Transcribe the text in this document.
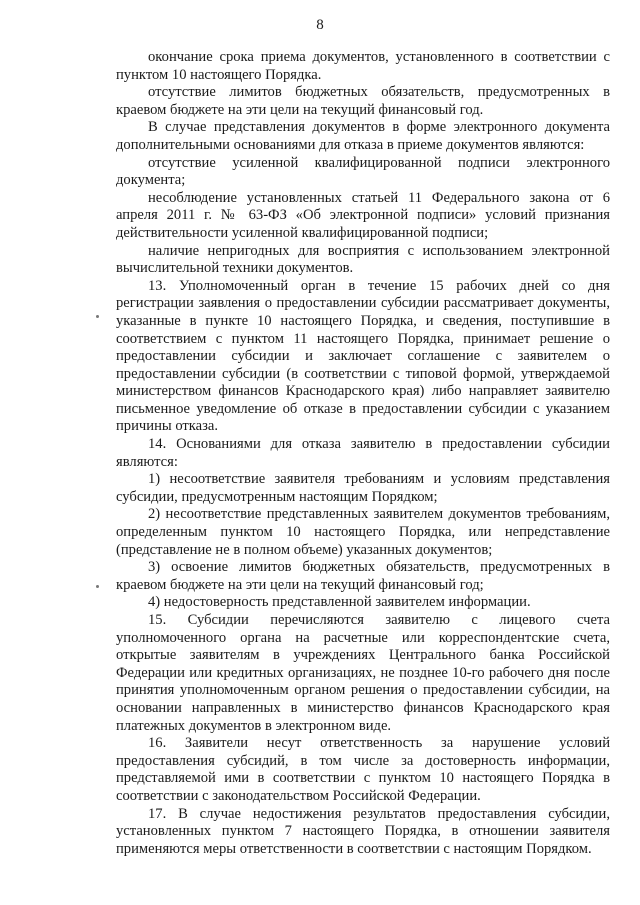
8

окончание срока приема документов, установленного в соответствии с пунктом 10 настоящего Порядка.

отсутствие лимитов бюджетных обязательств, предусмотренных в краевом бюджете на эти цели на текущий финансовый год.

В случае представления документов в форме электронного документа дополнительными основаниями для отказа в приеме документов являются:

отсутствие усиленной квалифицированной подписи электронного документа;

несоблюдение установленных статьей 11 Федерального закона от 6 апреля 2011 г. № 63-ФЗ «Об электронной подписи» условий признания действительности усиленной квалифицированной подписи;

наличие непригодных для восприятия с использованием электронной вычислительной техники документов.

13. Уполномоченный орган в течение 15 рабочих дней со дня регистрации заявления о предоставлении субсидии рассматривает документы, указанные в пункте 10 настоящего Порядка, и сведения, поступившие в соответствием с пунктом 11 настоящего Порядка, принимает решение о предоставлении субсидии и заключает соглашение с заявителем о предоставлении субсидии (в соответствии с типовой формой, утверждаемой министерством финансов Краснодарского края) либо направляет заявителю письменное уведомление об отказе в предоставлении субсидии с указанием причины отказа.

14. Основаниями для отказа заявителю в предоставлении субсидии являются:

1) несоответствие заявителя требованиям и условиям представления субсидии, предусмотренным настоящим Порядком;

2) несоответствие представленных заявителем документов требованиям, определенным пунктом 10 настоящего Порядка, или непредставление (представление не в полном объеме) указанных документов;

3) освоение лимитов бюджетных обязательств, предусмотренных в краевом бюджете на эти цели на текущий финансовый год;

4) недостоверность представленной заявителем информации.

15. Субсидии перечисляются заявителю с лицевого счета уполномоченного органа на расчетные или корреспондентские счета, открытые заявителям в учреждениях Центрального банка Российской Федерации или кредитных организациях, не позднее 10-го рабочего дня после принятия уполномоченным органом решения о предоставлении субсидии, на основании направленных в министерство финансов Краснодарского края платежных документов в электронном виде.

16. Заявители несут ответственность за нарушение условий предоставления субсидий, в том числе за достоверность информации, представляемой ими в соответствии с пунктом 10 настоящего Порядка в соответствии с законодательством Российской Федерации.

17. В случае недостижения результатов предоставления субсидии, установленных пунктом 7 настоящего Порядка, в отношении заявителя применяются меры ответственности в соответствии с настоящим Порядком.
